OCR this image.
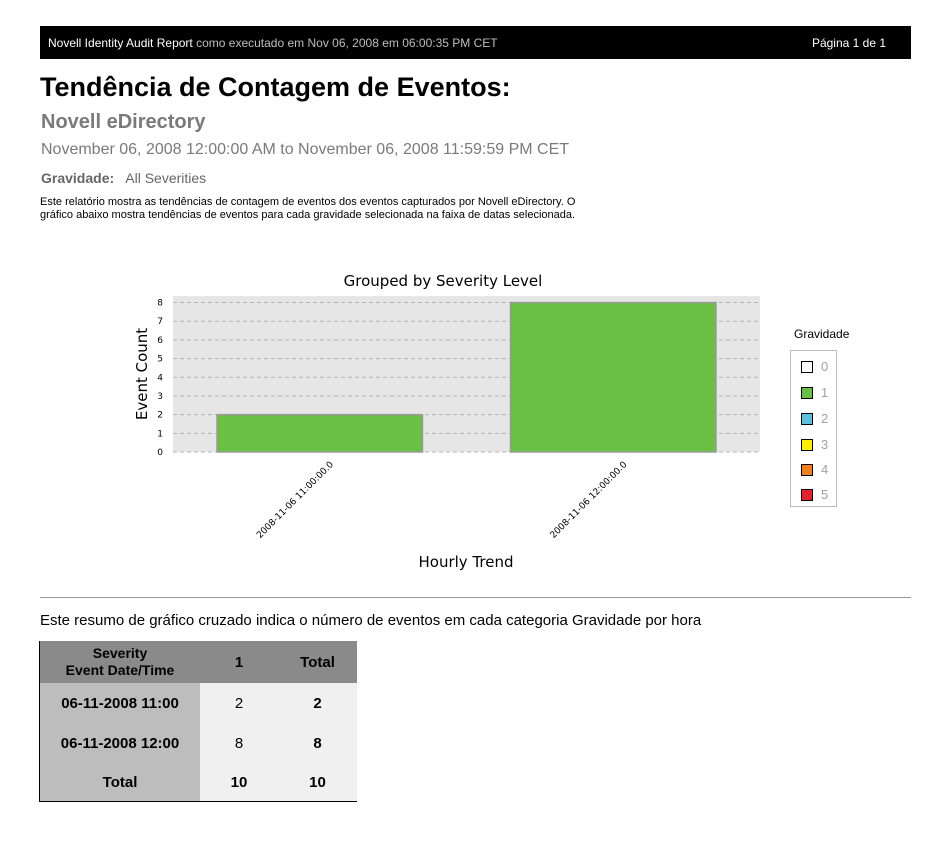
Novell Identity Audit Report como executado em Nov 06, 2008 em 06:00:35 PM CET	Página 1 de 1
Tendência de Contagem de Eventos:
Novell eDirectory
November 06, 2008 12:00:00 AM to November 06, 2008 11:59:59 PM CET
Gravidade: All Severities
Este relatório mostra as tendências de contagem de eventos dos eventos capturados por Novell eDirectory. O gráfico abaixo mostra tendências de eventos para cada gravidade selecionada na faixa de datas selecionada.
0
1
2
3
4
5
6
7
8
2008-11-06 11:00:00.0	2008-11-06 12:00:00.0
Grouped by Severity Level
Hourly Trend
Event Count	Gravidade
0
1
2
3
4
5
Este resumo de gráfico cruzado indica o número de eventos em cada categoria Gravidade por hora
Severity
Event Date/Time	1	Total
06-11-2008 11:00	2	2
06-11-2008 12:00	8	8
Total	10	10
